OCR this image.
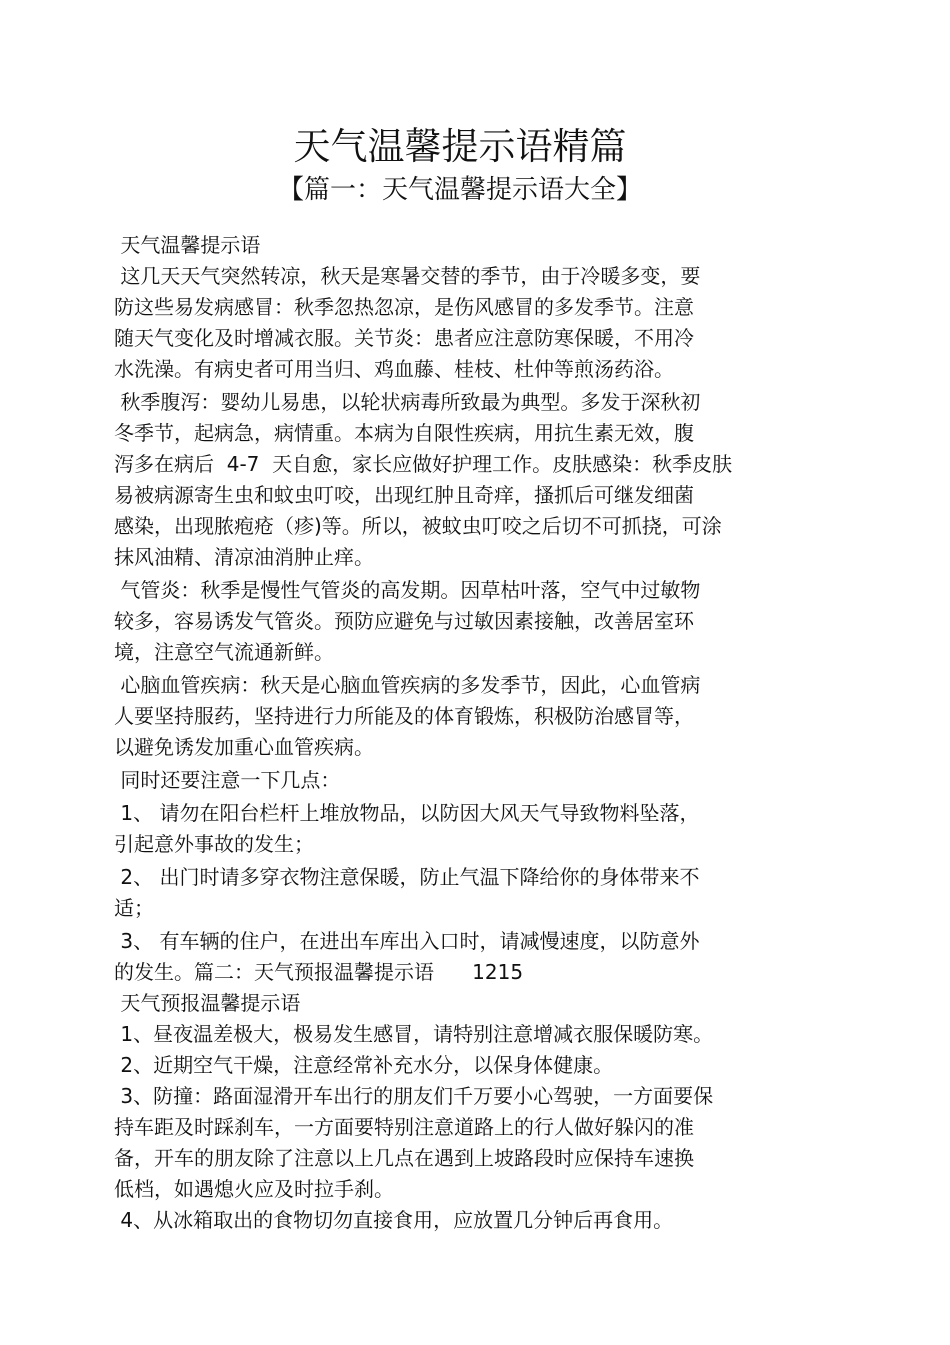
天气温馨提示语精篇
【篇一：天气温馨提示语大全】
天气温馨提示语
这几天天气突然转凉，秋天是寒暑交替的季节，由于冷暖多变，要
防这些易发病感冒：秋季忽热忽凉，是伤风感冒的多发季节。注意
随天气变化及时增减衣服。关节炎：患者应注意防寒保暖，不用冷
水洗澡。有病史者可用当归、鸡血藤、桂枝、杜仲等煎汤药浴。
秋季腹泻：婴幼儿易患，以轮状病毒所致最为典型。多发于深秋初
冬季节，起病急，病情重。本病为自限性疾病，用抗生素无效，腹
泻多在病后  4-7  天自愈，家长应做好护理工作。皮肤感染：秋季皮肤
易被病源寄生虫和蚊虫叮咬，出现红肿且奇痒，搔抓后可继发细菌
感染，出现脓疱疮（疹)等。所以，被蚊虫叮咬之后切不可抓挠，可涂
抹风油精、清凉油消肿止痒。
气管炎：秋季是慢性气管炎的高发期。因草枯叶落，空气中过敏物
较多，容易诱发气管炎。预防应避免与过敏因素接触，改善居室环
境，注意空气流通新鲜。
心脑血管疾病：秋天是心脑血管疾病的多发季节，因此，心血管病
人要坚持服药，坚持进行力所能及的体育锻炼，积极防治感冒等，
以避免诱发加重心血管疾病。
同时还要注意一下几点：
1、 请勿在阳台栏杆上堆放物品，以防因大风天气导致物料坠落，
引起意外事故的发生；
2、 出门时请多穿衣物注意保暖，防止气温下降给你的身体带来不
适；
3、 有车辆的住户，在进出车库出入口时，请减慢速度，以防意外
的发生。篇二：天气预报温馨提示语      1215
天气预报温馨提示语
1、昼夜温差极大，极易发生感冒，请特别注意增减衣服保暖防寒。
2、近期空气干燥，注意经常补充水分，以保身体健康。
3、防撞：路面湿滑开车出行的朋友们千万要小心驾驶，一方面要保
持车距及时踩刹车，一方面要特别注意道路上的行人做好躲闪的准
备，开车的朋友除了注意以上几点在遇到上坡路段时应保持车速换
低档，如遇熄火应及时拉手刹。
4、从冰箱取出的食物切勿直接食用，应放置几分钟后再食用。
